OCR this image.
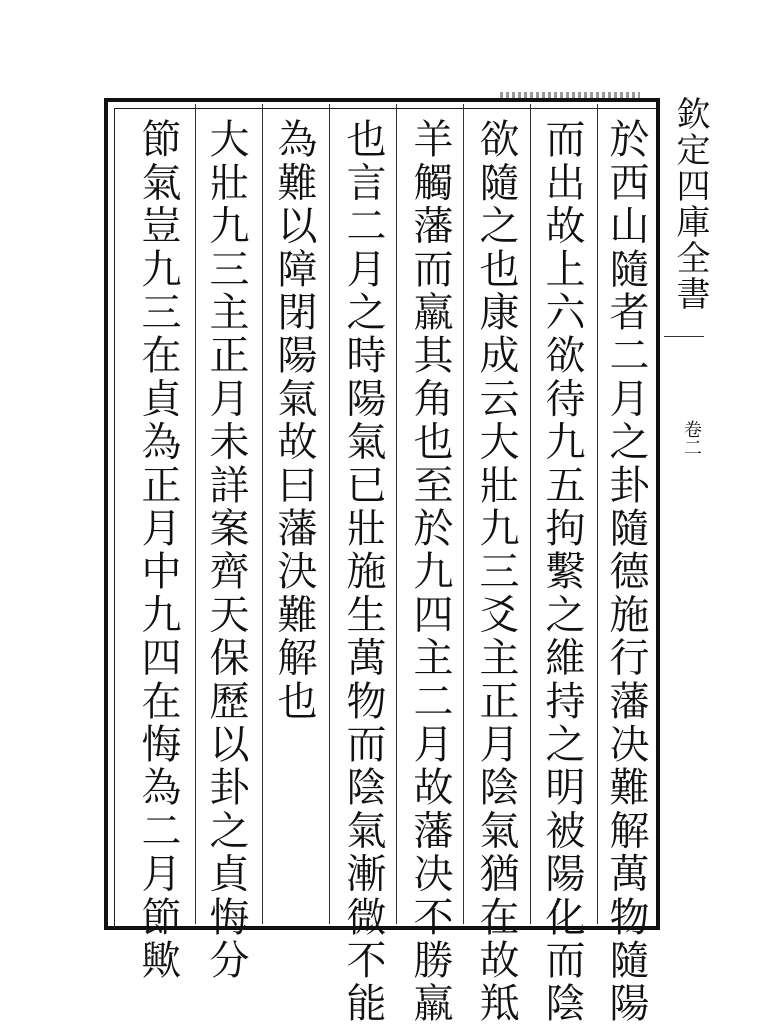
於西山隨者二月之卦隨德施行藩决難解萬物隨陽
而出故上六欲待九五拘繫之維持之明被陽化而陰
欲隨之也康成云大壯九三爻主正月陰氣猶在故羝
羊觸藩而羸其角也至於九四主二月故藩决不勝羸
也言二月之時陽氣已壯施生萬物而陰氣漸微不能
為難以障閉陽氣故曰藩決難解也
大壯九三主正月未詳案齊天保歷以卦之貞悔分
節氣豈九三在貞為正月中九四在悔為二月節歟	欽定四庫全書
卷二
